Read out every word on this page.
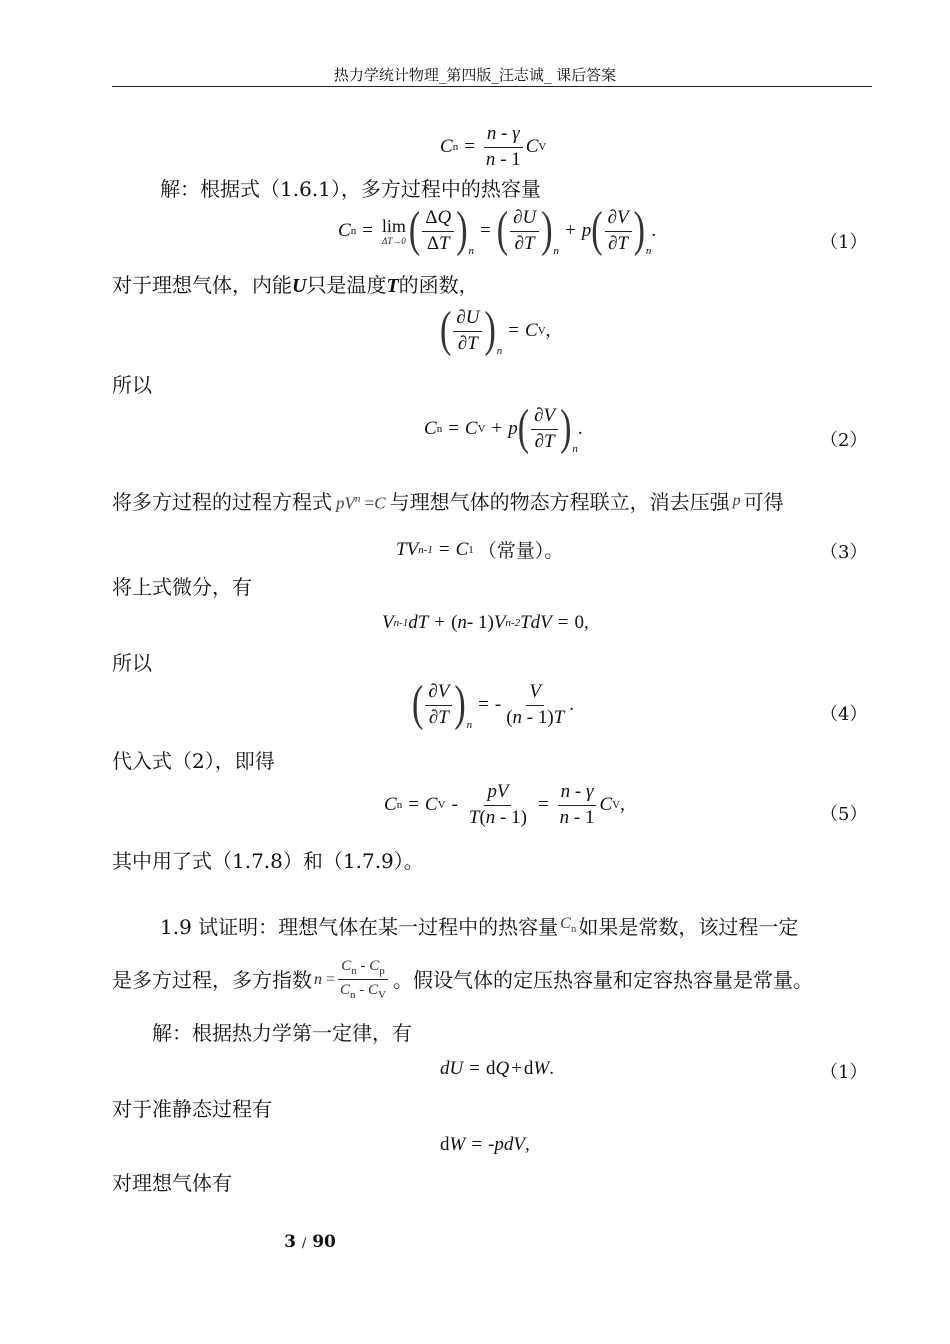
热力学统计物理_第四版_汪志诚_ 课后答案
C $n = \frac{n - \gamma}{n - 1}$ C V
解：根据式（1.6.1），多方过程中的热容量
C n = lim
ΔT→0 ( $\frac{\Delta Q}{\Delta T}$ ) n
= ( $\frac{\partial U}{\partial T}$ ) n
+ p ( $\frac{\partial V}{\partial T}$ ) n
.
（1）
对于理想气体，内能U只是温度T的函数，
( $\frac{\partial U}{\partial T}$ ) n
= C V ,
所以
C n = C V + p ( $\frac{\partial V}{\partial T}$ ) n
.
（2）
将多方过程的过程方程式 $pV^n =C$ 与理想气体的物态方程联立，消去压强 p 可得
TV n-1 = C 1 （常量）。	（3）
将上式微分，有
V n-1 dT + ( n - 1) V n-2 TdV = 0,
所以
( $\frac{\partial V}{\partial T}$ ) n
= - $\frac{V}{(n - 1)T}$ .	（4）
代入式（2），即得
C n = C $V - \frac{pV}{T(n - 1)} = \frac{n - \gamma}{n - 1}$ C V ,	（5）
其中用了式（1.7.8）和（1.7.9）。
1.9 试证明：理想气体在某一过程中的热容量 $C_n$ 如果是常数，该过程一定
是多方过程，多方指数 $n = \frac{C_n - C_p}{C_n - C_V}$ 。假设气体的定压热容量和定容热容量是常量。
解：根据热力学第一定律，有
dU = d Q + d W .	（1）
对于准静态过程有
d W = - pdV ,
对理想气体有
3 / 90
